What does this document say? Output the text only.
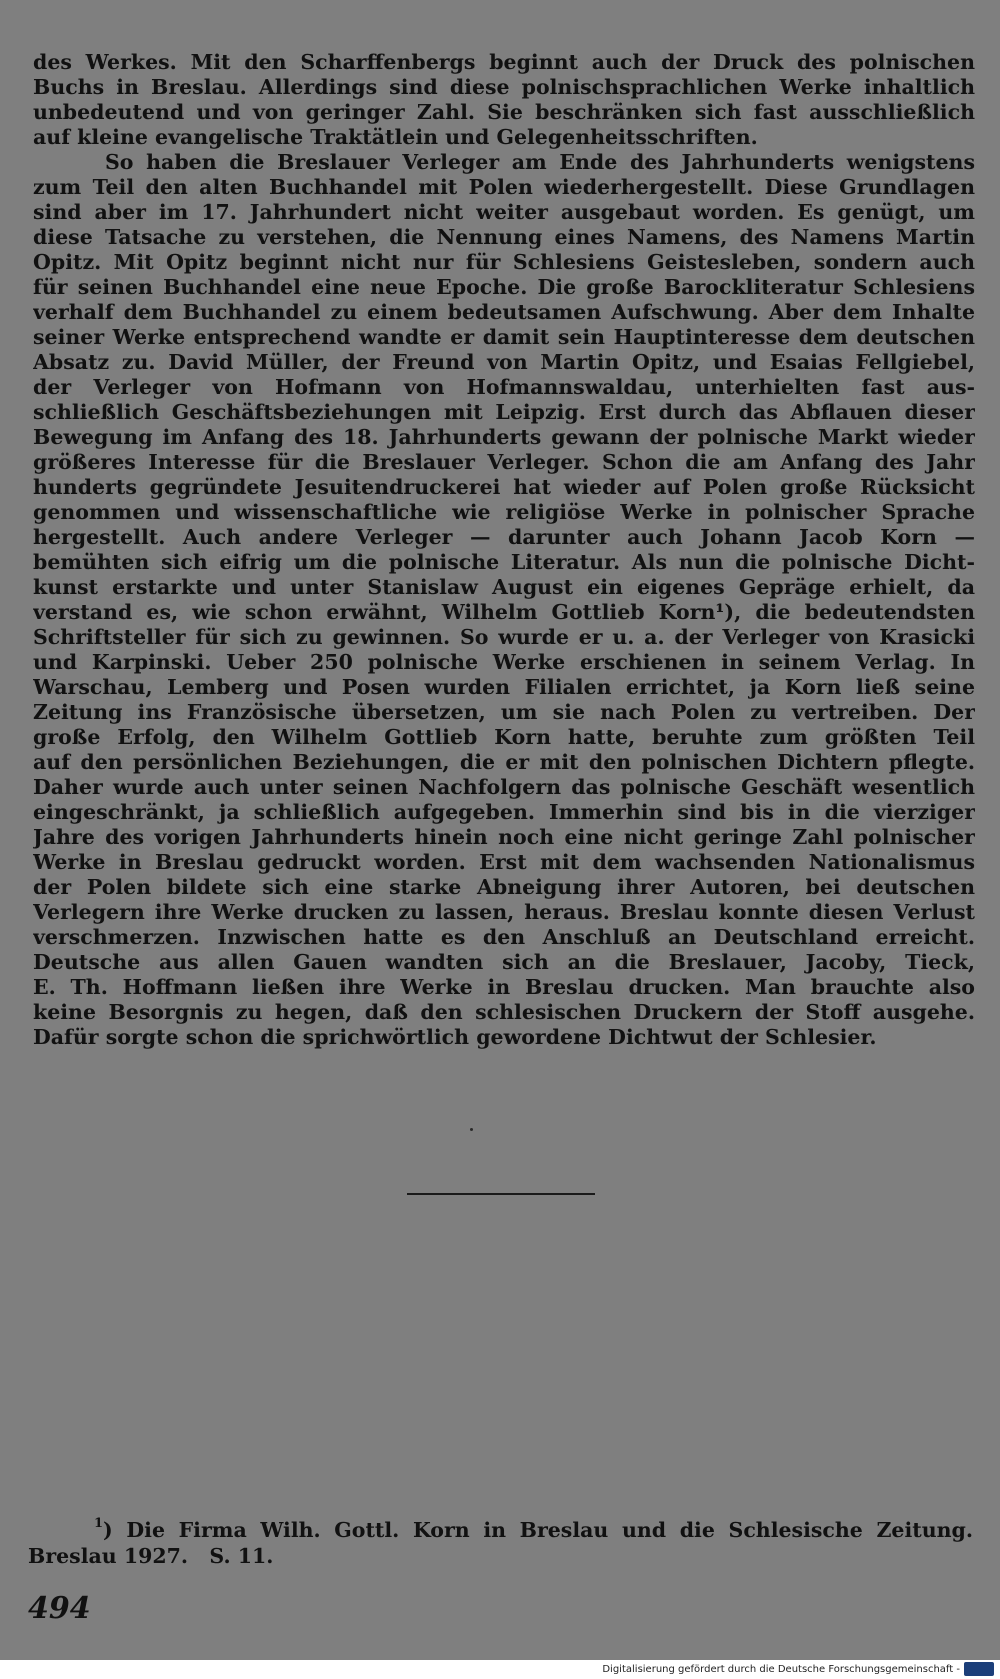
des Werkes. Mit den Scharffenbergs beginnt auch der Druck des polnischen
Buchs in Breslau. Allerdings sind diese polnischsprachlichen Werke inhaltlich
unbedeutend und von geringer Zahl. Sie beschränken sich fast ausschließlich
auf kleine evangelische Traktätlein und Gelegenheitsschriften.
So haben die Breslauer Verleger am Ende des Jahrhunderts wenigstens
zum Teil den alten Buchhandel mit Polen wiederhergestellt. Diese Grundlagen
sind aber im 17. Jahrhundert nicht weiter ausgebaut worden. Es genügt, um
diese Tatsache zu verstehen, die Nennung eines Namens, des Namens Martin
Opitz. Mit Opitz beginnt nicht nur für Schlesiens Geistesleben, sondern auch
für seinen Buchhandel eine neue Epoche. Die große Barockliteratur Schlesiens
verhalf dem Buchhandel zu einem bedeutsamen Aufschwung. Aber dem Inhalte
seiner Werke entsprechend wandte er damit sein Hauptinteresse dem deutschen
Absatz zu. David Müller, der Freund von Martin Opitz, und Esaias Fellgiebel,
der Verleger von Hofmann von Hofmannswaldau, unterhielten fast aus-
schließlich Geschäftsbeziehungen mit Leipzig. Erst durch das Abflauen dieser
Bewegung im Anfang des 18. Jahrhunderts gewann der polnische Markt wieder
größeres Interesse für die Breslauer Verleger. Schon die am Anfang des Jahr
hunderts gegründete Jesuitendruckerei hat wieder auf Polen große Rücksicht
genommen und wissenschaftliche wie religiöse Werke in polnischer Sprache
hergestellt. Auch andere Verleger — darunter auch Johann Jacob Korn —
bemühten sich eifrig um die polnische Literatur. Als nun die polnische Dicht-
kunst erstarkte und unter Stanislaw August ein eigenes Gepräge erhielt, da
verstand es, wie schon erwähnt, Wilhelm Gottlieb Korn¹), die bedeutendsten
Schriftsteller für sich zu gewinnen. So wurde er u. a. der Verleger von Krasicki
und Karpinski. Ueber 250 polnische Werke erschienen in seinem Verlag. In
Warschau, Lemberg und Posen wurden Filialen errichtet, ja Korn ließ seine
Zeitung ins Französische übersetzen, um sie nach Polen zu vertreiben. Der
große Erfolg, den Wilhelm Gottlieb Korn hatte, beruhte zum größten Teil
auf den persönlichen Beziehungen, die er mit den polnischen Dichtern pflegte.
Daher wurde auch unter seinen Nachfolgern das polnische Geschäft wesentlich
eingeschränkt, ja schließlich aufgegeben. Immerhin sind bis in die vierziger
Jahre des vorigen Jahrhunderts hinein noch eine nicht geringe Zahl polnischer
Werke in Breslau gedruckt worden. Erst mit dem wachsenden Nationalismus
der Polen bildete sich eine starke Abneigung ihrer Autoren, bei deutschen
Verlegern ihre Werke drucken zu lassen, heraus. Breslau konnte diesen Verlust
verschmerzen. Inzwischen hatte es den Anschluß an Deutschland erreicht.
Deutsche aus allen Gauen wandten sich an die Breslauer, Jacoby, Tieck,
E. Th. Hoffmann ließen ihre Werke in Breslau drucken. Man brauchte also
keine Besorgnis zu hegen, daß den schlesischen Druckern der Stoff ausgehe.
Dafür sorgte schon die sprichwörtlich gewordene Dichtwut der Schlesier.
$^1$) Die Firma Wilh. Gottl. Korn in Breslau und die Schlesische Zeitung.
Breslau 1927.   S. 11.
494
Digitalisierung gefördert durch die Deutsche Forschungsgemeinschaft -
